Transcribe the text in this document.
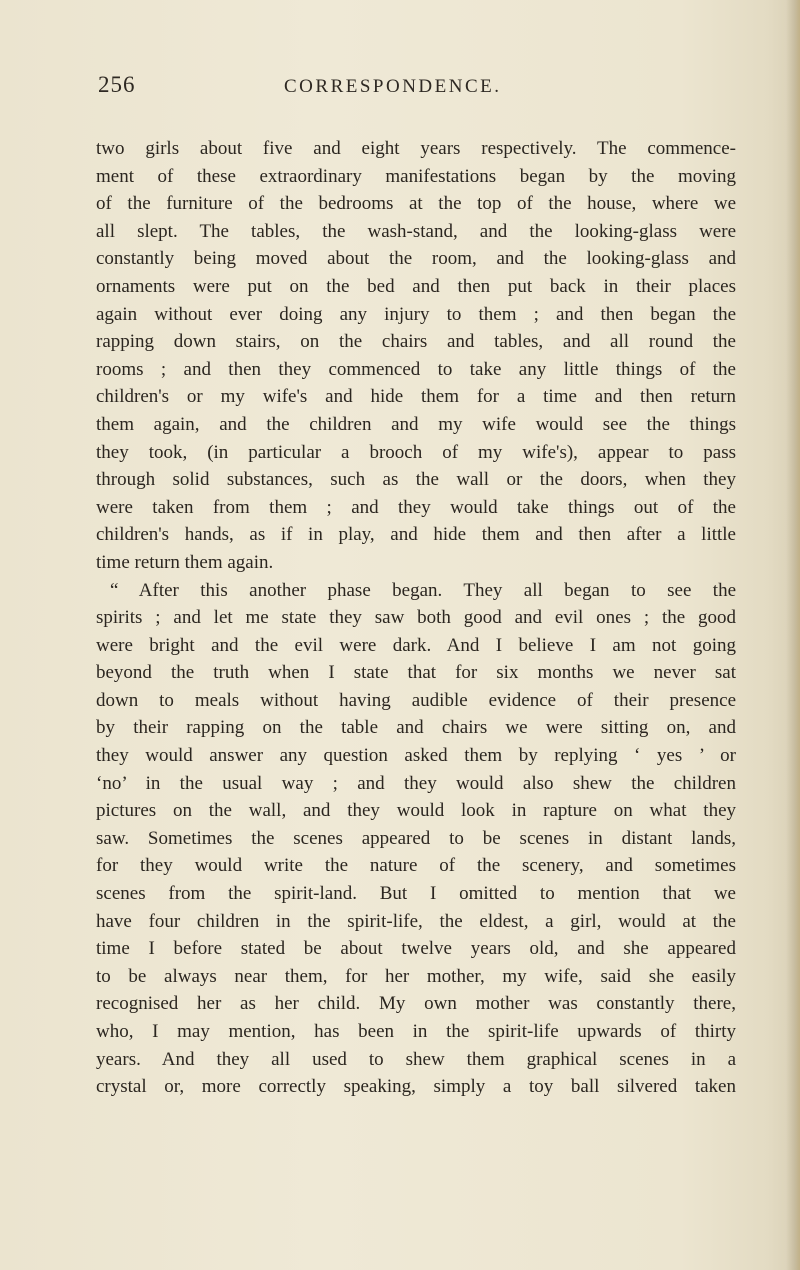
256	CORRESPONDENCE.
two girls about five and eight years respectively. The commence-
ment of these extraordinary manifestations began by the moving
of the furniture of the bedrooms at the top of the house, where we
all slept. The tables, the wash-stand, and the looking-glass were
constantly being moved about the room, and the looking-glass and
ornaments were put on the bed and then put back in their places
again without ever doing any injury to them ; and then began the
rapping down stairs, on the chairs and tables, and all round the
rooms ; and then they commenced to take any little things of the
children's or my wife's and hide them for a time and then return
them again, and the children and my wife would see the things
they took, (in particular a brooch of my wife's), appear to pass
through solid substances, such as the wall or the doors, when they
were taken from them ; and they would take things out of the
children's hands, as if in play, and hide them and then after a little
time return them again.
“ After this another phase began. They all began to see the
spirits ; and let me state they saw both good and evil ones ; the good
were bright and the evil were dark. And I believe I am not going
beyond the truth when I state that for six months we never sat
down to meals without having audible evidence of their presence
by their rapping on the table and chairs we were sitting on, and
they would answer any question asked them by replying ‘ yes ’ or
‘no’ in the usual way ; and they would also shew the children
pictures on the wall, and they would look in rapture on what they
saw. Sometimes the scenes appeared to be scenes in distant lands,
for they would write the nature of the scenery, and sometimes
scenes from the spirit-land. But I omitted to mention that we
have four children in the spirit-life, the eldest, a girl, would at the
time I before stated be about twelve years old, and she appeared
to be always near them, for her mother, my wife, said she easily
recognised her as her child. My own mother was constantly there,
who, I may mention, has been in the spirit-life upwards of thirty
years. And they all used to shew them graphical scenes in a
crystal or, more correctly speaking, simply a toy ball silvered taken
